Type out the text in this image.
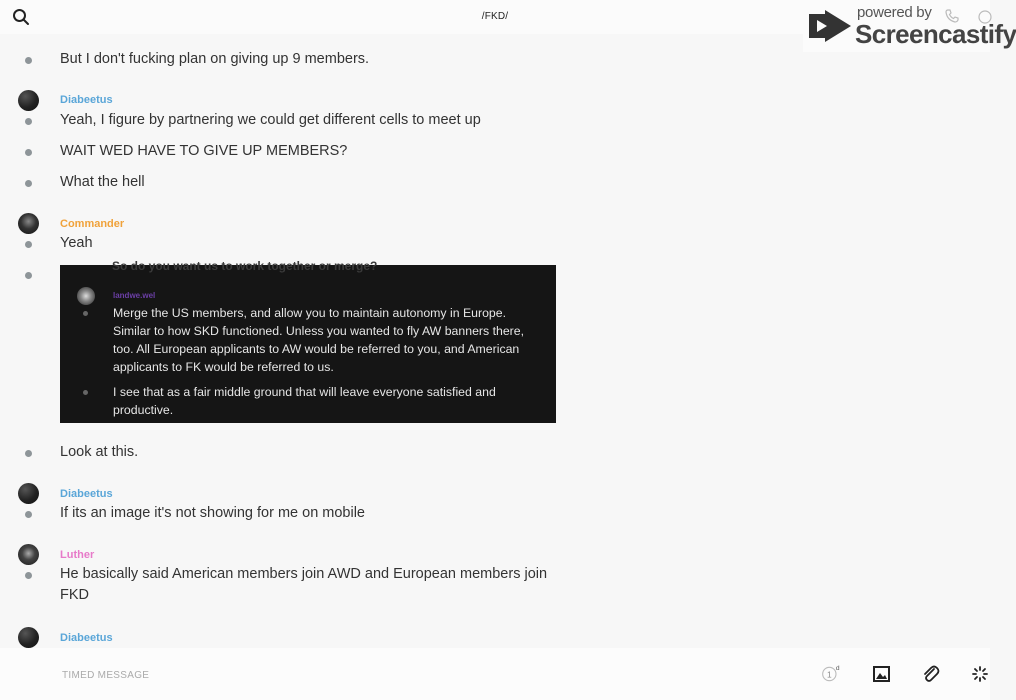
/FKD/	powered by
Screencastify
But I don't fucking plan on giving up 9 members.
Diabeetus
Yeah, I figure by partnering we could get different cells to meet up
WAIT WED HAVE TO GIVE UP MEMBERS?
What the hell
Commander
Yeah
So do you want us to work together or merge?
landwe.wel
Merge the US members, and allow you to maintain autonomy in Europe. Similar to how SKD functioned. Unless you wanted to fly AW banners there, too. All European applicants to AW would be referred to you, and American applicants to FK would be referred to us.
I see that as a fair middle ground that will leave everyone satisfied and productive.
Look at this.
Diabeetus
If its an image it's not showing for me on mobile
Luther
He basically said American members join AWD and European members join FKD
Diabeetus
TIMED MESSAGE
1
d
